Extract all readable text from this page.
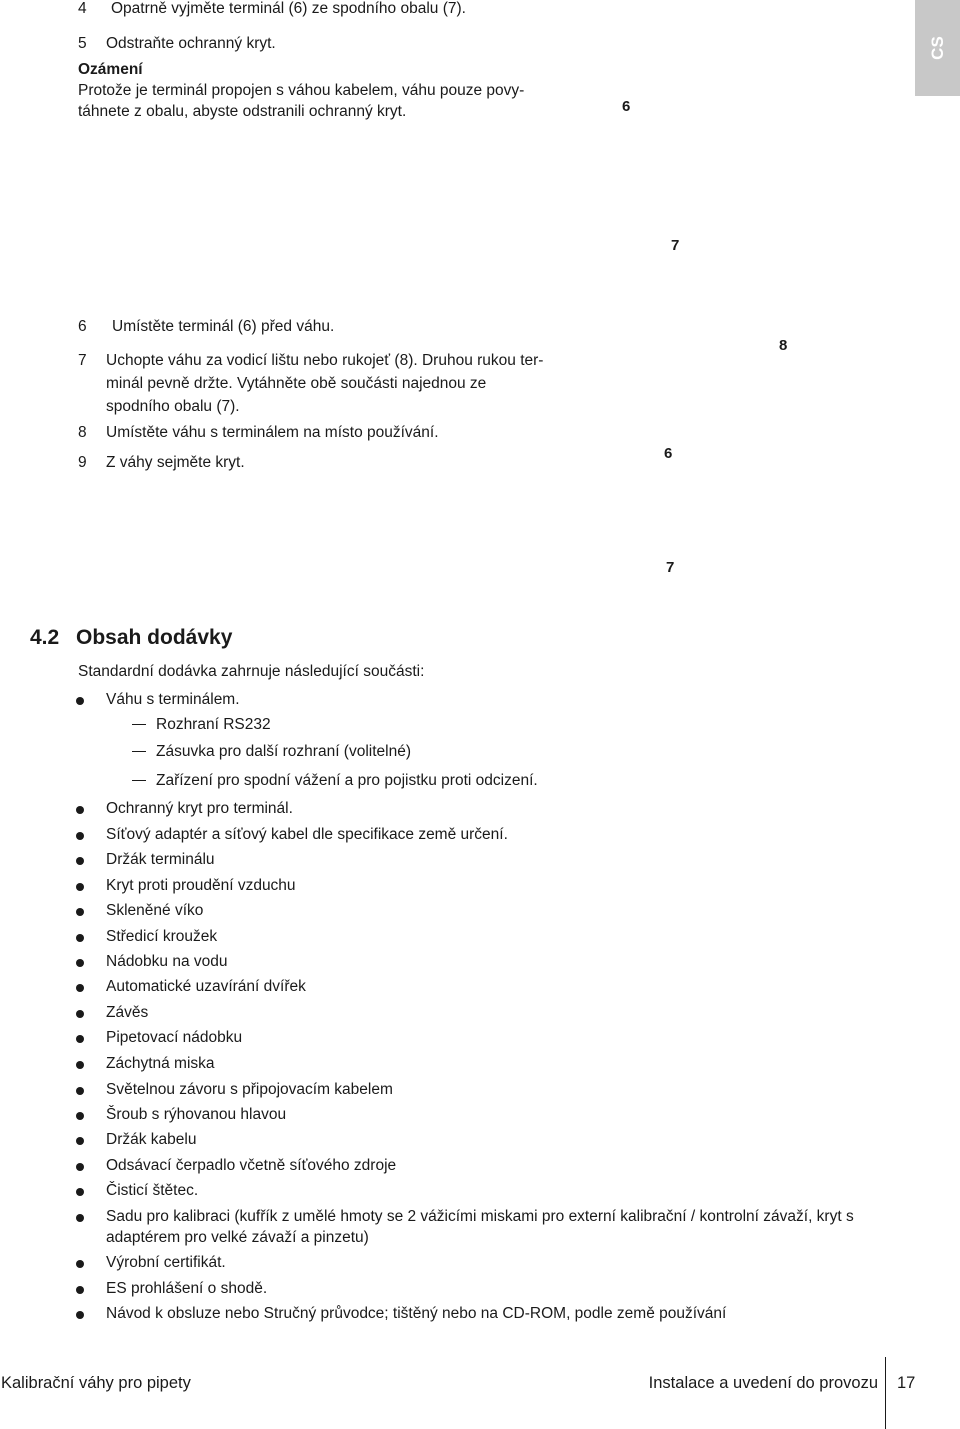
4	Opatrně vyjměte terminál (6) ze spodního obalu (7).
5	Odstraňte ochranný kryt.
Ozámení
Protože je terminál propojen s váhou kabelem, váhu pouze povy-
táhnete z obalu, abyste odstranili ochranný kryt.
CS
6
7
6	Umístěte terminál (6) před váhu.
7	Uchopte váhu za vodicí lištu nebo rukojeť (8). Druhou rukou ter-
minál pevně držte. Vytáhněte obě součásti najednou ze
spodního obalu (7).
8	Umístěte váhu s terminálem na místo používání.
9	Z váhy sejměte kryt.
8
6
7
4.2 Obsah dodávky
Standardní dodávka zahrnuje následující součásti:
Váhu s terminálem.
Rozhraní RS232
Zásuvka pro další rozhraní (volitelné)
Zařízení pro spodní vážení a pro pojistku proti odcizení.
Ochranný kryt pro terminál.
Síťový adaptér a síťový kabel dle specifikace země určení.
Držák terminálu
Kryt proti proudění vzduchu
Skleněné víko
Středicí kroužek
Nádobku na vodu
Automatické uzavírání dvířek
Závěs
Pipetovací nádobku
Záchytná miska
Světelnou závoru s připojovacím kabelem
Šroub s rýhovanou hlavou
Držák kabelu
Odsávací čerpadlo včetně síťového zdroje
Čisticí štětec.
Sadu pro kalibraci (kufřík z umělé hmoty se 2 vážicími miskami pro externí kalibrační / kontrolní závaží, kryt s
adaptérem pro velké závaží a pinzetu)
Výrobní certifikát.
ES prohlášení o shodě.
Návod k obsluze nebo Stručný průvodce; tištěný nebo na CD-ROM, podle země používání
Kalibrační váhy pro pipety	Instalace a uvedení do provozu 17
